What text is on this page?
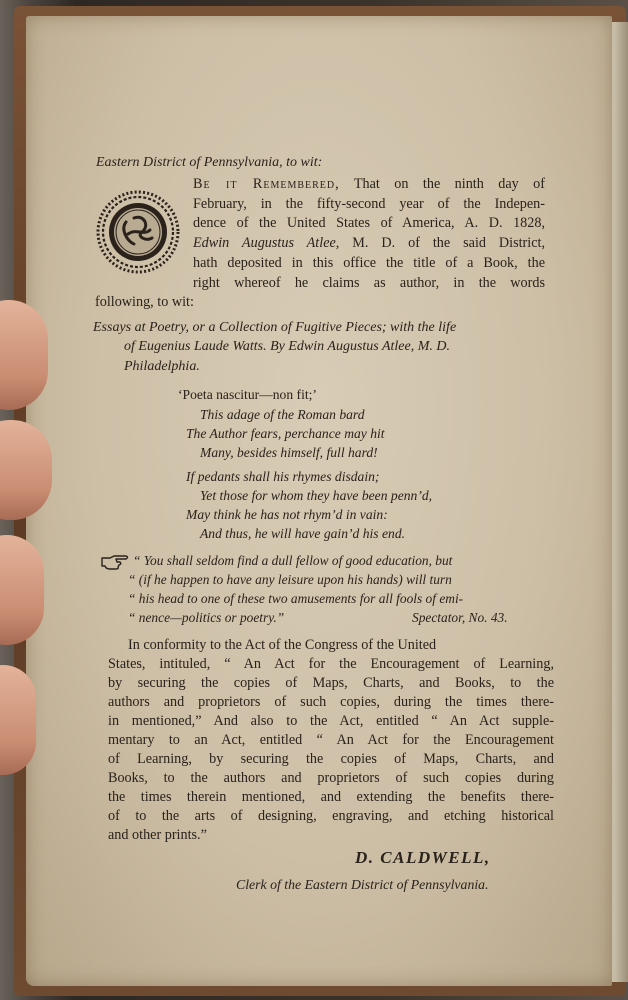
Eastern District of Pennsylvania, to wit:
Be it Remembered, That on the ninth day of
February, in the fifty-second year of the Indepen-
dence of the United States of America, A. D. 1828,
Edwin Augustus Atlee, M. D. of the said District,
hath deposited in this office the title of a Book, the
right whereof he claims as author, in the words
following, to wit:
Essays at Poetry, or a Collection of Fugitive Pieces; with the life
of Eugenius Laude Watts. By Edwin Augustus Atlee, M. D.
Philadelphia.
‘Poeta nascitur—non fit;’
This adage of the Roman bard
The Author fears, perchance may hit
Many, besides himself, full hard!
If pedants shall his rhymes disdain;
Yet those for whom they have been penn’d,
May think he has not rhym’d in vain:
And thus, he will have gain’d his end.
“ You shall seldom find a dull fellow of good education, but
“ (if he happen to have any leisure upon his hands) will turn
“ his head to one of these two amusements for all fools of emi-
“ nence—politics or poetry.”	Spectator, No. 43.
In conformity to the Act of the Congress of the United
States, intituled, “ An Act for the Encouragement of Learning,
by securing the copies of Maps, Charts, and Books, to the
authors and proprietors of such copies, during the times there-
in mentioned,” And also to the Act, entitled “ An Act supple-
mentary to an Act, entitled “ An Act for the Encouragement
of Learning, by securing the copies of Maps, Charts, and
Books, to the authors and proprietors of such copies during
the times therein mentioned, and extending the benefits there-
of to the arts of designing, engraving, and etching historical
and other prints.”
D. CALDWELL,
Clerk of the Eastern District of Pennsylvania.
